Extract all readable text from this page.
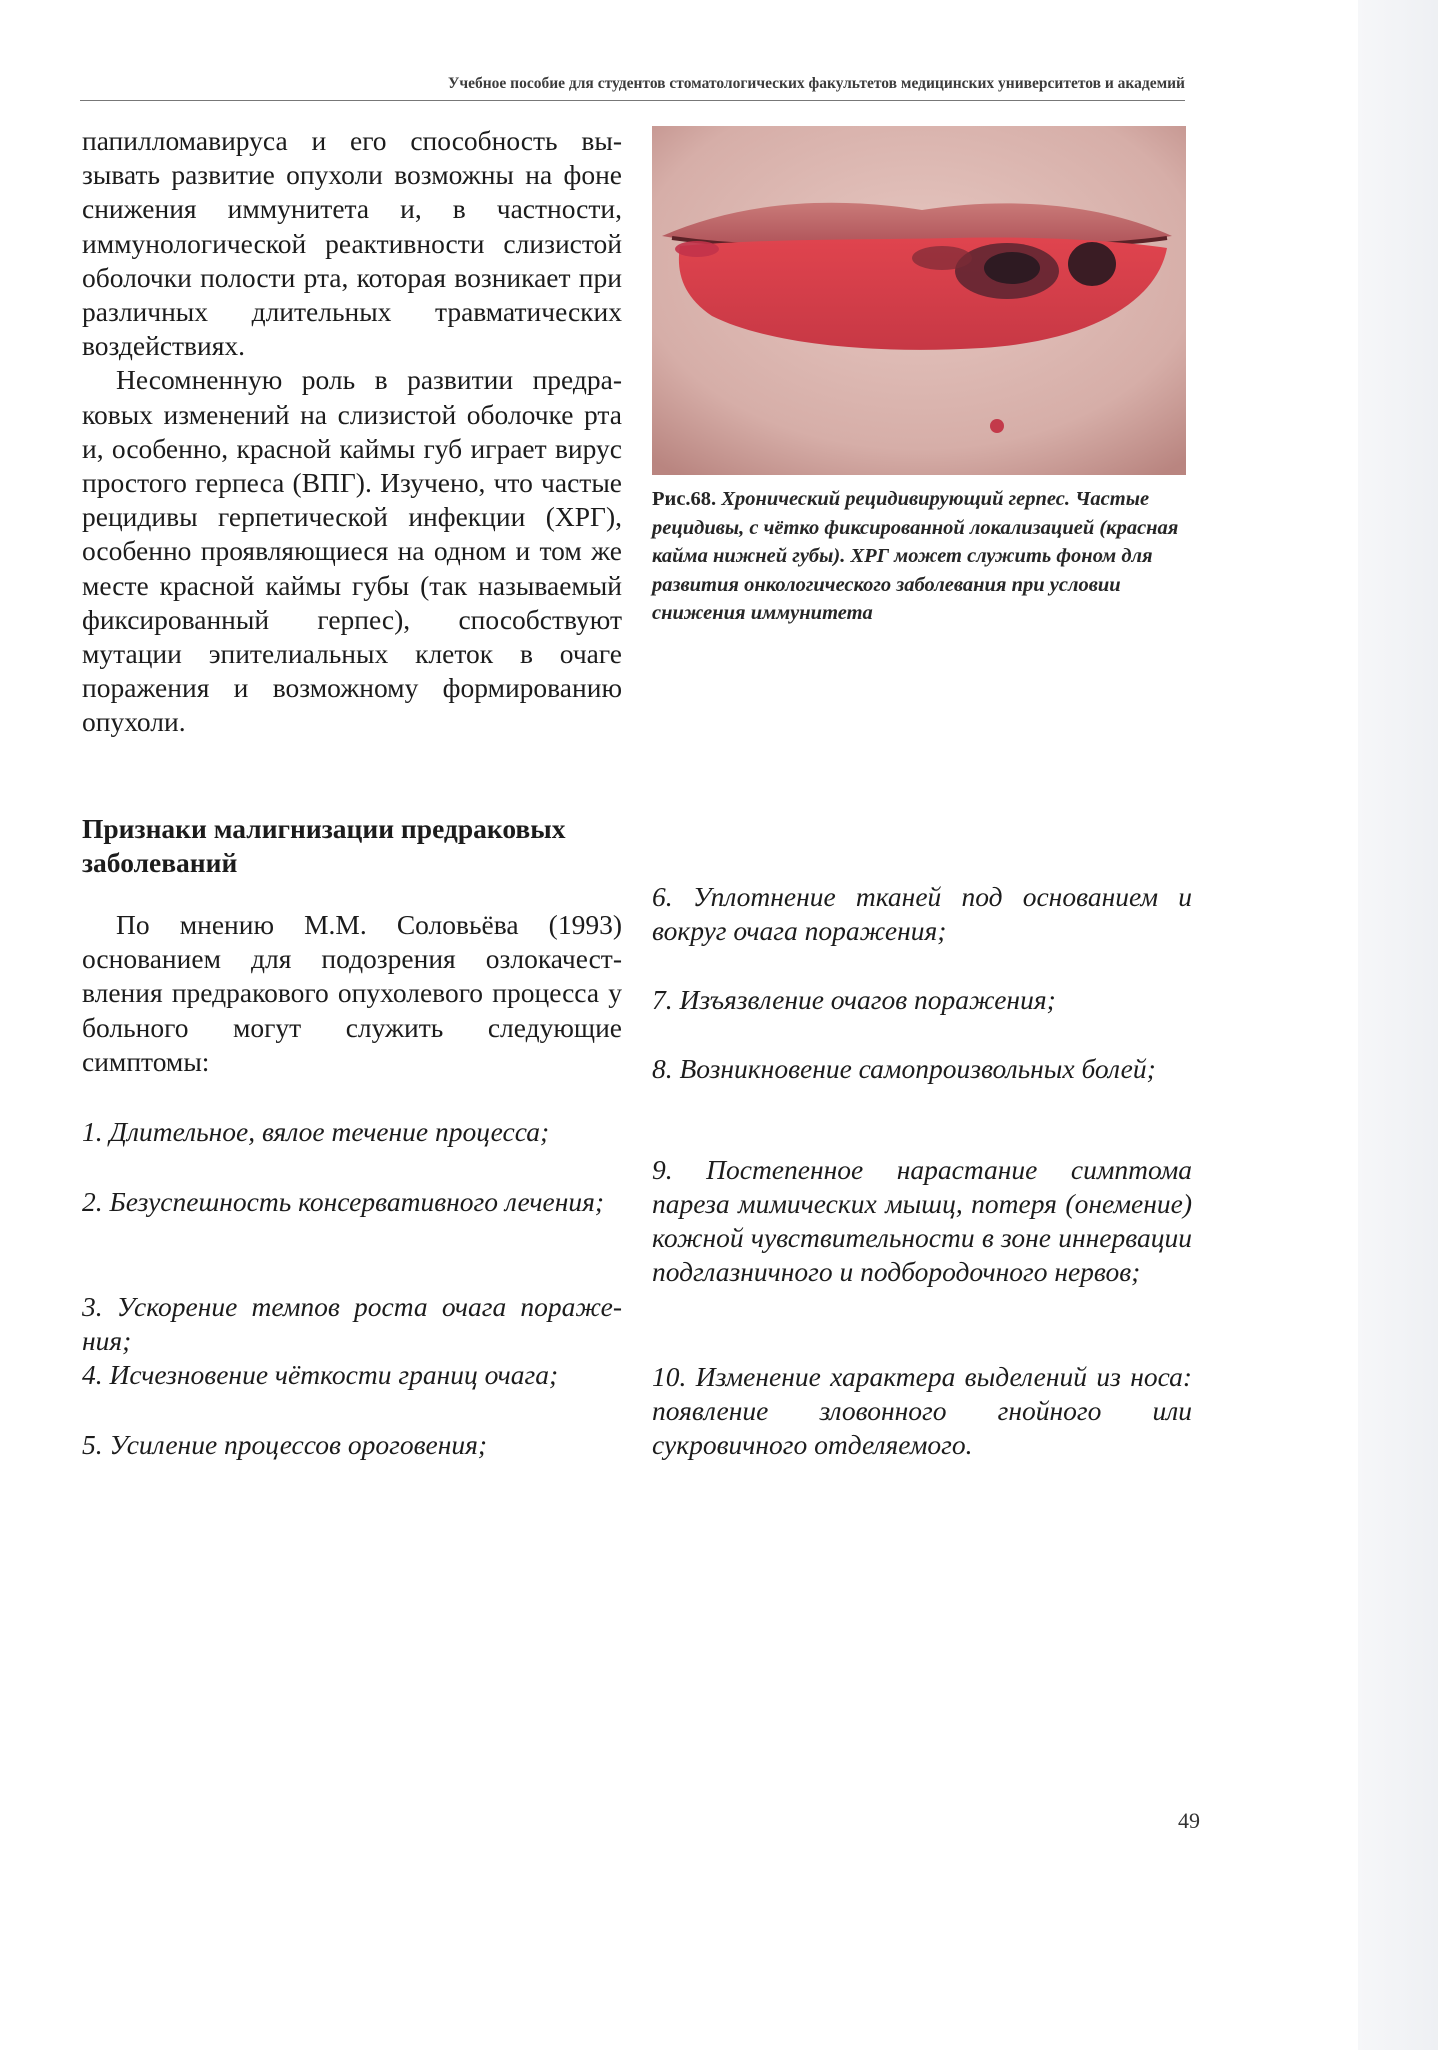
Учебное пособие для студентов стоматологических факультетов медицинских университетов и академий

папилломавируса и его способность вызывать развитие опухоли возможны на фоне снижения иммунитета и, в частности, иммунологической реактивности слизистой оболочки полости рта, которая возникает при различных длительных травматических воздействиях.

Несомненную роль в развитии предраковых изменений на слизистой оболочке рта и, особенно, красной каймы губ играет вирус простого герпеса (ВПГ). Изучено, что частые рецидивы герпетической инфекции (ХРГ), особенно проявляющиеся на одном и том же месте красной каймы губы (так называемый фиксированный герпес), способствуют мутации эпителиальных клеток в очаге поражения и возможному формированию опухоли.

Рис.68. Хронический рецидивирующий герпес. Частые рецидивы, с чётко фиксированной локализацией (красная кайма нижней губы). ХРГ может служить фоном для развития онкологического заболевания при условии снижения иммунитета
Признаки малигнизации предраковых заболеваний

По мнению М.М. Соловьёва (1993) основанием для подозрения озлокачествления предракового опухолевого процесса у больного могут служить следующие симптомы:

1. Длительное, вялое течение процесса;

2. Безуспешность консервативного лечения;

3. Ускорение темпов роста очага поражения;

4. Исчезновение чёткости границ очага;

5. Усиление процессов ороговения;

6. Уплотнение тканей под основанием и вокруг очага поражения;

7. Изъязвление очагов поражения;

8. Возникновение самопроизвольных болей;

9. Постепенное нарастание симптома пареза мимических мышц, потеря (онемение) кожной чувствительности в зоне иннервации подглазничного и подбородочного нервов;

10. Изменение характера выделений из носа: появление зловонного гнойного или сукровичного отделяемого.

49
